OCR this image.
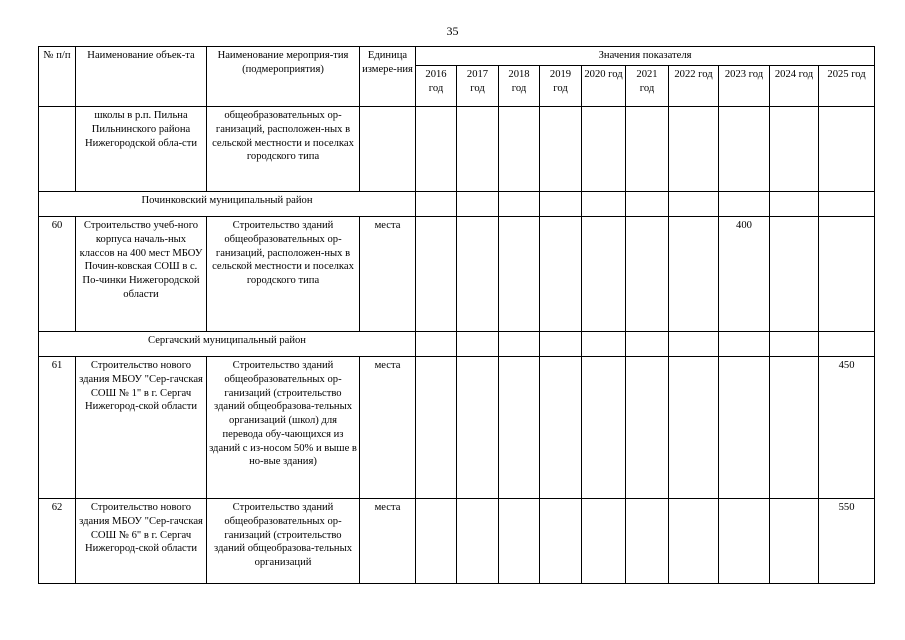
35
№ п/п	Наименование объек-та	Наименование мероприя-тия (подмероприятия)	Единица измере-ния	Значения показателя									
				2016 год	2017 год	2018 год	2019 год	2020 год	2021 год	2022 год	2023 год	2024 год	2025 год
	школы в р.п. Пильна Пильнинского района Нижегородской обла-сти	общеобразовательных ор-ганизаций, расположен-ных в сельской местности и поселках городского типа											
Починковский муниципальный район													
60	Строительство учеб-ного корпуса началь-ных классов на 400 мест МБОУ Почин-ковская СОШ в с. По-чинки Нижегородской области	Строительство зданий общеобразовательных ор-ганизаций, расположен-ных в сельской местности и поселках городского типа	места								400		
Сергачский муниципальный район													
61	Строительство нового здания МБОУ "Сер-гачская СОШ № 1" в г. Сергач Нижегород-ской области	Строительство зданий общеобразовательных ор-ганизаций (строительство зданий общеобразова-тельных организаций (школ) для перевода обу-чающихся из зданий с из-носом 50% и выше в но-вые здания)	места										450
62	Строительство нового здания МБОУ "Сер-гачская СОШ № 6" в г. Сергач Нижегород-ской области	Строительство зданий общеобразовательных ор-ганизаций (строительство зданий общеобразова-тельных организаций	места										550
